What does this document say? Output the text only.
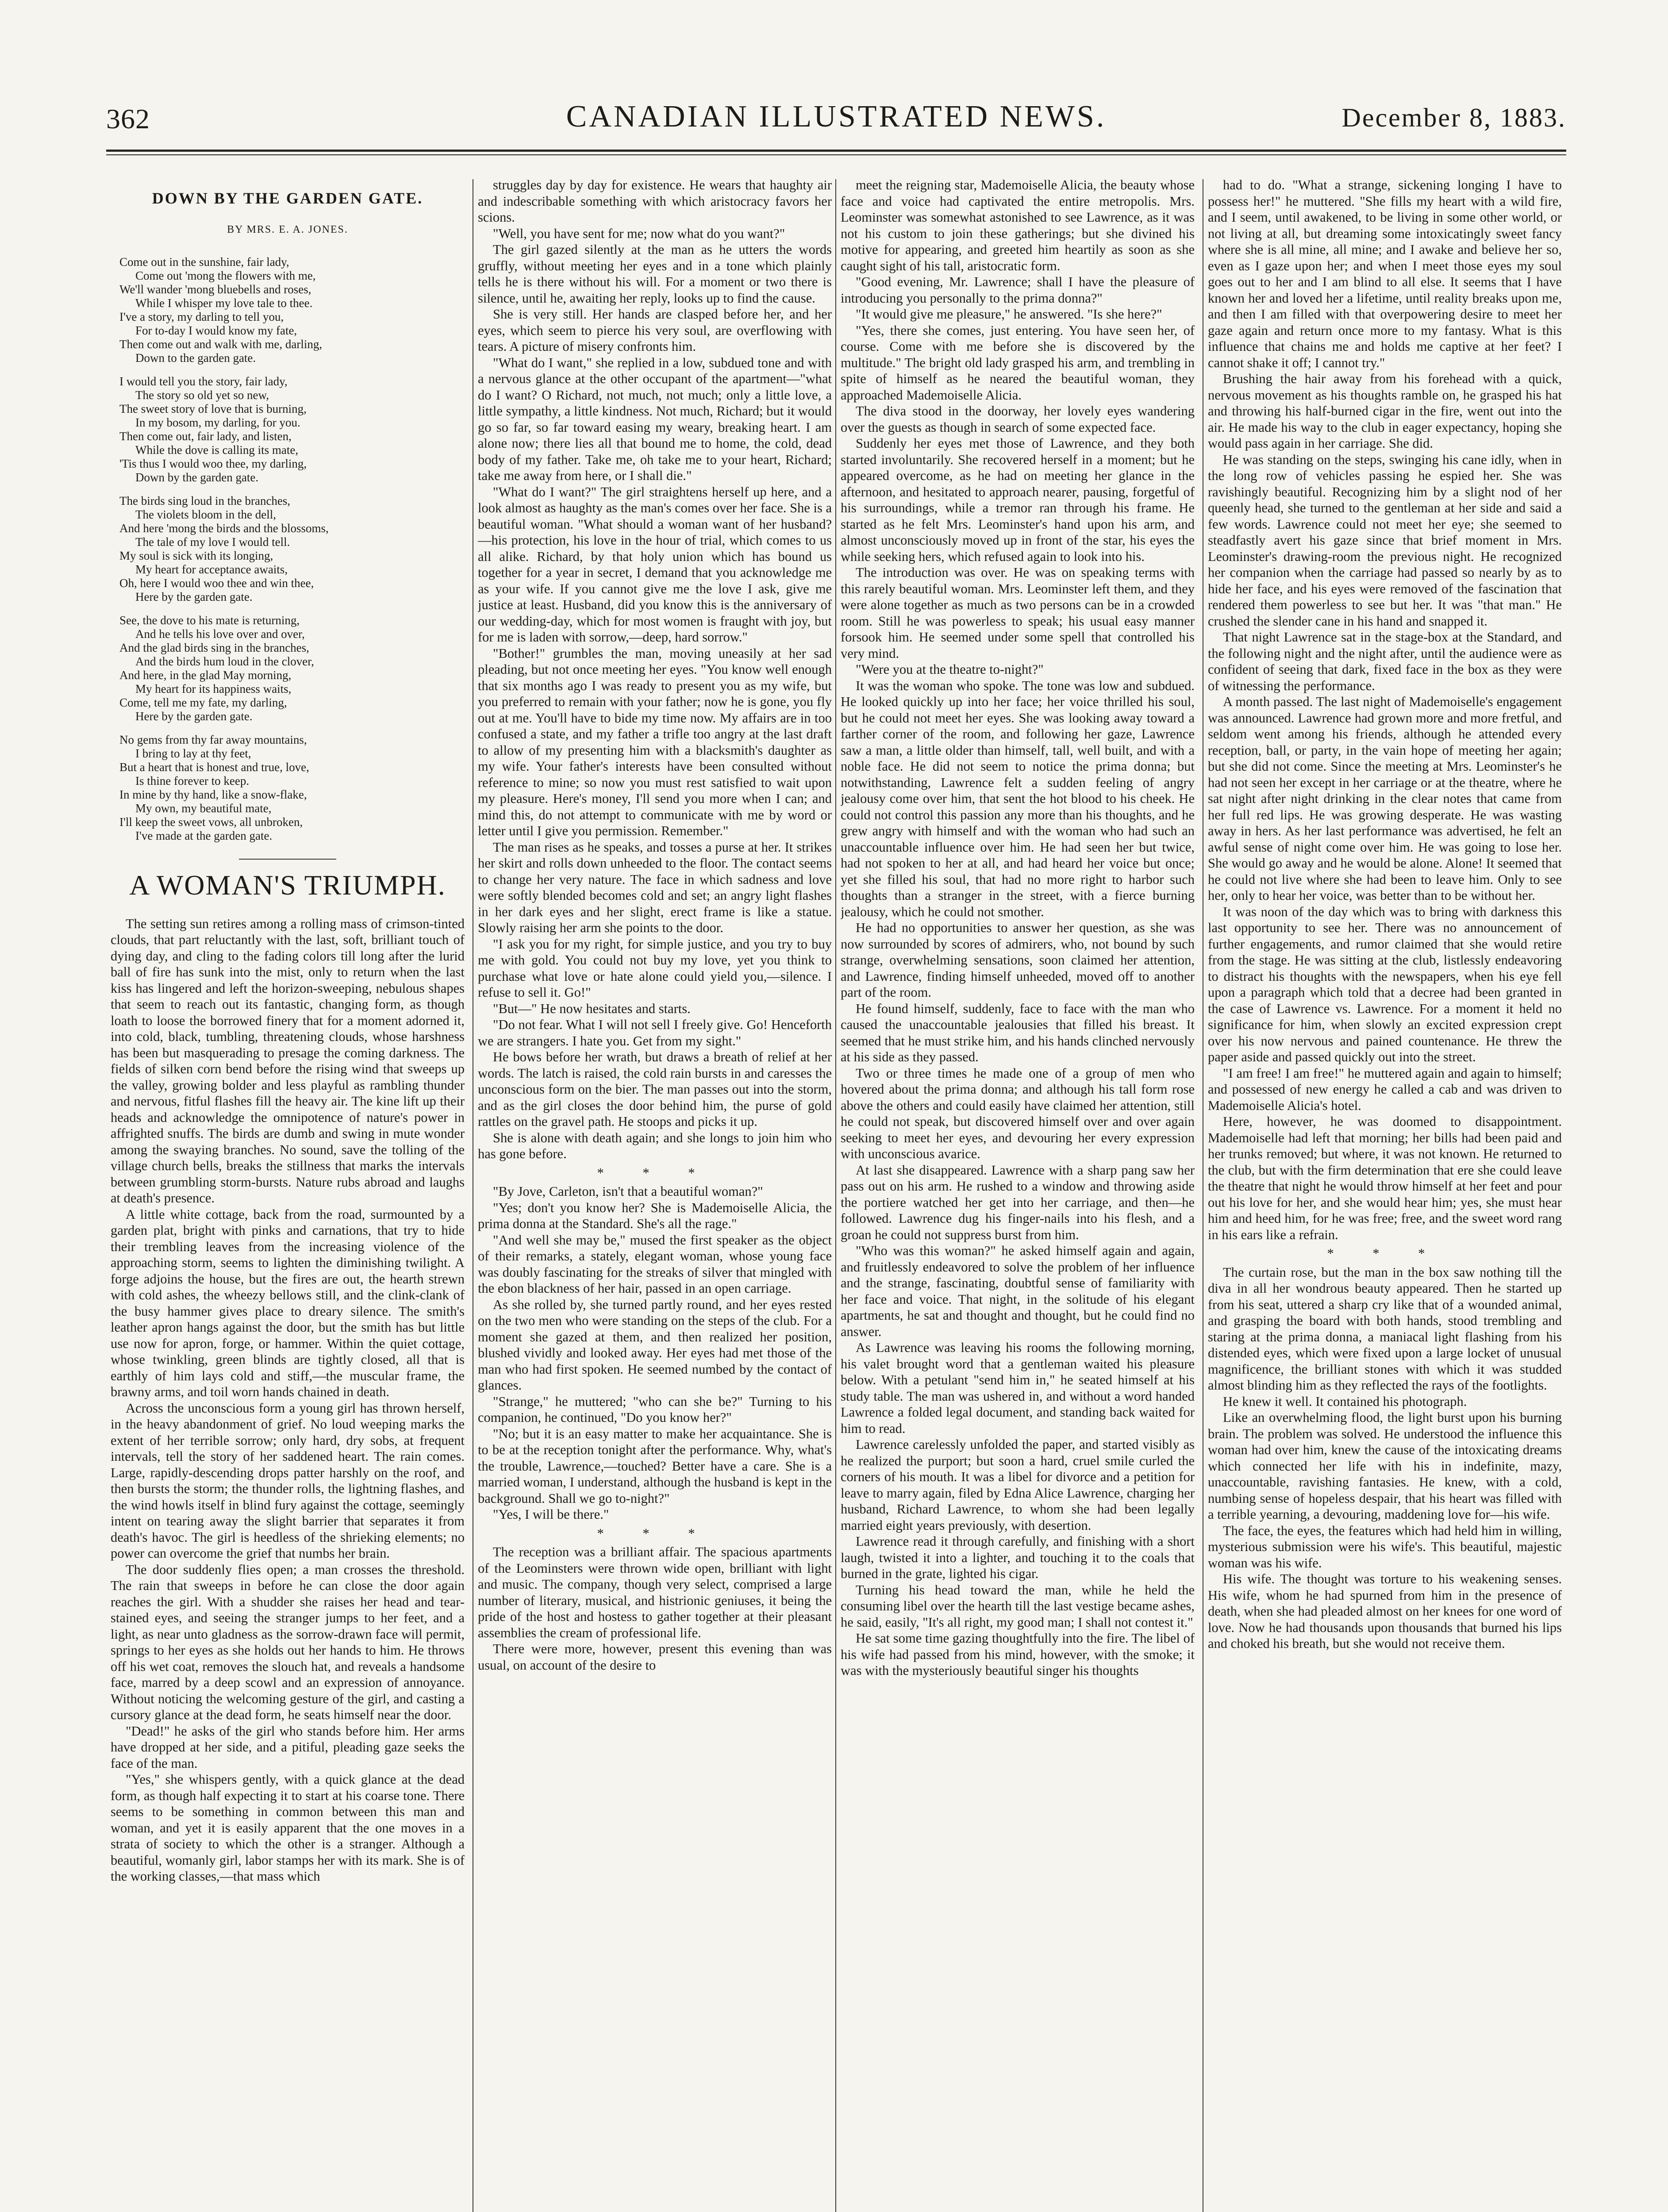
362	CANADIAN ILLUSTRATED NEWS.	December 8, 1883.
DOWN BY THE GARDEN GATE.
BY MRS. E. A. JONES.
Come out in the sunshine, fair lady,
Come out 'mong the flowers with me,
We'll wander 'mong bluebells and roses,
While I whisper my love tale to thee.
I've a story, my darling to tell you,
For to-day I would know my fate,
Then come out and walk with me, darling,
Down to the garden gate.
I would tell you the story, fair lady,
The story so old yet so new,
The sweet story of love that is burning,
In my bosom, my darling, for you.
Then come out, fair lady, and listen,
While the dove is calling its mate,
'Tis thus I would woo thee, my darling,
Down by the garden gate.
The birds sing loud in the branches,
The violets bloom in the dell,
And here 'mong the birds and the blossoms,
The tale of my love I would tell.
My soul is sick with its longing,
My heart for acceptance awaits,
Oh, here I would woo thee and win thee,
Here by the garden gate.
See, the dove to his mate is returning,
And he tells his love over and over,
And the glad birds sing in the branches,
And the birds hum loud in the clover,
And here, in the glad May morning,
My heart for its happiness waits,
Come, tell me my fate, my darling,
Here by the garden gate.
No gems from thy far away mountains,
I bring to lay at thy feet,
But a heart that is honest and true, love,
Is thine forever to keep.
In mine by thy hand, like a snow-flake,
My own, my beautiful mate,
I'll keep the sweet vows, all unbroken,
I've made at the garden gate.
A WOMAN'S TRIUMPH.

The setting sun retires among a rolling mass of crimson-tinted clouds, that part reluctantly with the last, soft, brilliant touch of dying day, and cling to the fading colors till long after the lurid ball of fire has sunk into the mist, only to return when the last kiss has lingered and left the horizon-sweeping, nebulous shapes that seem to reach out its fantastic, changing form, as though loath to loose the borrowed finery that for a moment adorned it, into cold, black, tumbling, threatening clouds, whose harshness has been but masquerading to presage the coming darkness. The fields of silken corn bend before the rising wind that sweeps up the valley, growing bolder and less playful as rambling thunder and nervous, fitful flashes fill the heavy air. The kine lift up their heads and acknowledge the omnipotence of nature's power in affrighted snuffs. The birds are dumb and swing in mute wonder among the swaying branches. No sound, save the tolling of the village church bells, breaks the stillness that marks the intervals between grumbling storm-bursts. Nature rubs abroad and laughs at death's presence.

A little white cottage, back from the road, surmounted by a garden plat, bright with pinks and carnations, that try to hide their trembling leaves from the increasing violence of the approaching storm, seems to lighten the diminishing twilight. A forge adjoins the house, but the fires are out, the hearth strewn with cold ashes, the wheezy bellows still, and the clink-clank of the busy hammer gives place to dreary silence. The smith's leather apron hangs against the door, but the smith has but little use now for apron, forge, or hammer. Within the quiet cottage, whose twinkling, green blinds are tightly closed, all that is earthly of him lays cold and stiff,—the muscular frame, the brawny arms, and toil worn hands chained in death.

Across the unconscious form a young girl has thrown herself, in the heavy abandonment of grief. No loud weeping marks the extent of her terrible sorrow; only hard, dry sobs, at frequent intervals, tell the story of her saddened heart. The rain comes. Large, rapidly-descending drops patter harshly on the roof, and then bursts the storm; the thunder rolls, the lightning flashes, and the wind howls itself in blind fury against the cottage, seemingly intent on tearing away the slight barrier that separates it from death's havoc. The girl is heedless of the shrieking elements; no power can overcome the grief that numbs her brain.

The door suddenly flies open; a man crosses the threshold. The rain that sweeps in before he can close the door again reaches the girl. With a shudder she raises her head and tear-stained eyes, and seeing the stranger jumps to her feet, and a light, as near unto gladness as the sorrow-drawn face will permit, springs to her eyes as she holds out her hands to him. He throws off his wet coat, removes the slouch hat, and reveals a handsome face, marred by a deep scowl and an expression of annoyance. Without noticing the welcoming gesture of the girl, and casting a cursory glance at the dead form, he seats himself near the door.

"Dead!" he asks of the girl who stands before him. Her arms have dropped at her side, and a pitiful, pleading gaze seeks the face of the man.

"Yes," she whispers gently, with a quick glance at the dead form, as though half expecting it to start at his coarse tone. There seems to be something in common between this man and woman, and yet it is easily apparent that the one moves in a strata of society to which the other is a stranger. Although a beautiful, womanly girl, labor stamps her with its mark. She is of the working classes,—that mass which

struggles day by day for existence. He wears that haughty air and indescribable something with which aristocracy favors her scions.

"Well, you have sent for me; now what do you want?"

The girl gazed silently at the man as he utters the words gruffly, without meeting her eyes and in a tone which plainly tells he is there without his will. For a moment or two there is silence, until he, awaiting her reply, looks up to find the cause.

She is very still. Her hands are clasped before her, and her eyes, which seem to pierce his very soul, are overflowing with tears. A picture of misery confronts him.

"What do I want," she replied in a low, subdued tone and with a nervous glance at the other occupant of the apartment—"what do I want? O Richard, not much, not much; only a little love, a little sympathy, a little kindness. Not much, Richard; but it would go so far, so far toward easing my weary, breaking heart. I am alone now; there lies all that bound me to home, the cold, dead body of my father. Take me, oh take me to your heart, Richard; take me away from here, or I shall die."

"What do I want?" The girl straightens herself up here, and a look almost as haughty as the man's comes over her face. She is a beautiful woman. "What should a woman want of her husband?—his protection, his love in the hour of trial, which comes to us all alike. Richard, by that holy union which has bound us together for a year in secret, I demand that you acknowledge me as your wife. If you cannot give me the love I ask, give me justice at least. Husband, did you know this is the anniversary of our wedding-day, which for most women is fraught with joy, but for me is laden with sorrow,—deep, hard sorrow."

"Bother!" grumbles the man, moving uneasily at her sad pleading, but not once meeting her eyes. "You know well enough that six months ago I was ready to present you as my wife, but you preferred to remain with your father; now he is gone, you fly out at me. You'll have to bide my time now. My affairs are in too confused a state, and my father a trifle too angry at the last draft to allow of my presenting him with a blacksmith's daughter as my wife. Your father's interests have been consulted without reference to mine; so now you must rest satisfied to wait upon my pleasure. Here's money, I'll send you more when I can; and mind this, do not attempt to communicate with me by word or letter until I give you permission. Remember."

The man rises as he speaks, and tosses a purse at her. It strikes her skirt and rolls down unheeded to the floor. The contact seems to change her very nature. The face in which sadness and love were softly blended becomes cold and set; an angry light flashes in her dark eyes and her slight, erect frame is like a statue. Slowly raising her arm she points to the door.

"I ask you for my right, for simple justice, and you try to buy me with gold. You could not buy my love, yet you think to purchase what love or hate alone could yield you,—silence. I refuse to sell it. Go!"

"But—" He now hesitates and starts.

"Do not fear. What I will not sell I freely give. Go! Henceforth we are strangers. I hate you. Get from my sight."

He bows before her wrath, but draws a breath of relief at her words. The latch is raised, the cold rain bursts in and caresses the unconscious form on the bier. The man passes out into the storm, and as the girl closes the door behind him, the purse of gold rattles on the gravel path. He stoops and picks it up.

She is alone with death again; and she longs to join him who has gone before.

* * *

"By Jove, Carleton, isn't that a beautiful woman?"

"Yes; don't you know her? She is Mademoiselle Alicia, the prima donna at the Standard. She's all the rage."

"And well she may be," mused the first speaker as the object of their remarks, a stately, elegant woman, whose young face was doubly fascinating for the streaks of silver that mingled with the ebon blackness of her hair, passed in an open carriage.

As she rolled by, she turned partly round, and her eyes rested on the two men who were standing on the steps of the club. For a moment she gazed at them, and then realized her position, blushed vividly and looked away. Her eyes had met those of the man who had first spoken. He seemed numbed by the contact of glances.

"Strange," he muttered; "who can she be?" Turning to his companion, he continued, "Do you know her?"

"No; but it is an easy matter to make her acquaintance. She is to be at the reception tonight after the performance. Why, what's the trouble, Lawrence,—touched? Better have a care. She is a married woman, I understand, although the husband is kept in the background. Shall we go to-night?"

"Yes, I will be there."

* * *

The reception was a brilliant affair. The spacious apartments of the Leominsters were thrown wide open, brilliant with light and music. The company, though very select, comprised a large number of literary, musical, and histrionic geniuses, it being the pride of the host and hostess to gather together at their pleasant assemblies the cream of professional life.

There were more, however, present this evening than was usual, on account of the desire to

meet the reigning star, Mademoiselle Alicia, the beauty whose face and voice had captivated the entire metropolis. Mrs. Leominster was somewhat astonished to see Lawrence, as it was not his custom to join these gatherings; but she divined his motive for appearing, and greeted him heartily as soon as she caught sight of his tall, aristocratic form.

"Good evening, Mr. Lawrence; shall I have the pleasure of introducing you personally to the prima donna?"

"It would give me pleasure," he answered. "Is she here?"

"Yes, there she comes, just entering. You have seen her, of course. Come with me before she is discovered by the multitude." The bright old lady grasped his arm, and trembling in spite of himself as he neared the beautiful woman, they approached Mademoiselle Alicia.

The diva stood in the doorway, her lovely eyes wandering over the guests as though in search of some expected face.

Suddenly her eyes met those of Lawrence, and they both started involuntarily. She recovered herself in a moment; but he appeared overcome, as he had on meeting her glance in the afternoon, and hesitated to approach nearer, pausing, forgetful of his surroundings, while a tremor ran through his frame. He started as he felt Mrs. Leominster's hand upon his arm, and almost unconsciously moved up in front of the star, his eyes the while seeking hers, which refused again to look into his.

The introduction was over. He was on speaking terms with this rarely beautiful woman. Mrs. Leominster left them, and they were alone together as much as two persons can be in a crowded room. Still he was powerless to speak; his usual easy manner forsook him. He seemed under some spell that controlled his very mind.

"Were you at the theatre to-night?"

It was the woman who spoke. The tone was low and subdued. He looked quickly up into her face; her voice thrilled his soul, but he could not meet her eyes. She was looking away toward a farther corner of the room, and following her gaze, Lawrence saw a man, a little older than himself, tall, well built, and with a noble face. He did not seem to notice the prima donna; but notwithstanding, Lawrence felt a sudden feeling of angry jealousy come over him, that sent the hot blood to his cheek. He could not control this passion any more than his thoughts, and he grew angry with himself and with the woman who had such an unaccountable influence over him. He had seen her but twice, had not spoken to her at all, and had heard her voice but once; yet she filled his soul, that had no more right to harbor such thoughts than a stranger in the street, with a fierce burning jealousy, which he could not smother.

He had no opportunities to answer her question, as she was now surrounded by scores of admirers, who, not bound by such strange, overwhelming sensations, soon claimed her attention, and Lawrence, finding himself unheeded, moved off to another part of the room.

He found himself, suddenly, face to face with the man who caused the unaccountable jealousies that filled his breast. It seemed that he must strike him, and his hands clinched nervously at his side as they passed.

Two or three times he made one of a group of men who hovered about the prima donna; and although his tall form rose above the others and could easily have claimed her attention, still he could not speak, but discovered himself over and over again seeking to meet her eyes, and devouring her every expression with unconscious avarice.

At last she disappeared. Lawrence with a sharp pang saw her pass out on his arm. He rushed to a window and throwing aside the portiere watched her get into her carriage, and then—he followed. Lawrence dug his finger-nails into his flesh, and a groan he could not suppress burst from him.

"Who was this woman?" he asked himself again and again, and fruitlessly endeavored to solve the problem of her influence and the strange, fascinating, doubtful sense of familiarity with her face and voice. That night, in the solitude of his elegant apartments, he sat and thought and thought, but he could find no answer.

As Lawrence was leaving his rooms the following morning, his valet brought word that a gentleman waited his pleasure below. With a petulant "send him in," he seated himself at his study table. The man was ushered in, and without a word handed Lawrence a folded legal document, and standing back waited for him to read.

Lawrence carelessly unfolded the paper, and started visibly as he realized the purport; but soon a hard, cruel smile curled the corners of his mouth. It was a libel for divorce and a petition for leave to marry again, filed by Edna Alice Lawrence, charging her husband, Richard Lawrence, to whom she had been legally married eight years previously, with desertion.

Lawrence read it through carefully, and finishing with a short laugh, twisted it into a lighter, and touching it to the coals that burned in the grate, lighted his cigar.

Turning his head toward the man, while he held the consuming libel over the hearth till the last vestige became ashes, he said, easily, "It's all right, my good man; I shall not contest it."

He sat some time gazing thoughtfully into the fire. The libel of his wife had passed from his mind, however, with the smoke; it was with the mysteriously beautiful singer his thoughts

had to do. "What a strange, sickening longing I have to possess her!" he muttered. "She fills my heart with a wild fire, and I seem, until awakened, to be living in some other world, or not living at all, but dreaming some intoxicatingly sweet fancy where she is all mine, all mine; and I awake and believe her so, even as I gaze upon her; and when I meet those eyes my soul goes out to her and I am blind to all else. It seems that I have known her and loved her a lifetime, until reality breaks upon me, and then I am filled with that overpowering desire to meet her gaze again and return once more to my fantasy. What is this influence that chains me and holds me captive at her feet? I cannot shake it off; I cannot try."

Brushing the hair away from his forehead with a quick, nervous movement as his thoughts ramble on, he grasped his hat and throwing his half-burned cigar in the fire, went out into the air. He made his way to the club in eager expectancy, hoping she would pass again in her carriage. She did.

He was standing on the steps, swinging his cane idly, when in the long row of vehicles passing he espied her. She was ravishingly beautiful. Recognizing him by a slight nod of her queenly head, she turned to the gentleman at her side and said a few words. Lawrence could not meet her eye; she seemed to steadfastly avert his gaze since that brief moment in Mrs. Leominster's drawing-room the previous night. He recognized her companion when the carriage had passed so nearly by as to hide her face, and his eyes were removed of the fascination that rendered them powerless to see but her. It was "that man." He crushed the slender cane in his hand and snapped it.

That night Lawrence sat in the stage-box at the Standard, and the following night and the night after, until the audience were as confident of seeing that dark, fixed face in the box as they were of witnessing the performance.

A month passed. The last night of Mademoiselle's engagement was announced. Lawrence had grown more and more fretful, and seldom went among his friends, although he attended every reception, ball, or party, in the vain hope of meeting her again; but she did not come. Since the meeting at Mrs. Leominster's he had not seen her except in her carriage or at the theatre, where he sat night after night drinking in the clear notes that came from her full red lips. He was growing desperate. He was wasting away in hers. As her last performance was advertised, he felt an awful sense of night come over him. He was going to lose her. She would go away and he would be alone. Alone! It seemed that he could not live where she had been to leave him. Only to see her, only to hear her voice, was better than to be without her.

It was noon of the day which was to bring with darkness this last opportunity to see her. There was no announcement of further engagements, and rumor claimed that she would retire from the stage. He was sitting at the club, listlessly endeavoring to distract his thoughts with the newspapers, when his eye fell upon a paragraph which told that a decree had been granted in the case of Lawrence vs. Lawrence. For a moment it held no significance for him, when slowly an excited expression crept over his now nervous and pained countenance. He threw the paper aside and passed quickly out into the street.

"I am free! I am free!" he muttered again and again to himself; and possessed of new energy he called a cab and was driven to Mademoiselle Alicia's hotel.

Here, however, he was doomed to disappointment. Mademoiselle had left that morning; her bills had been paid and her trunks removed; but where, it was not known. He returned to the club, but with the firm determination that ere she could leave the theatre that night he would throw himself at her feet and pour out his love for her, and she would hear him; yes, she must hear him and heed him, for he was free; free, and the sweet word rang in his ears like a refrain.

* * *

The curtain rose, but the man in the box saw nothing till the diva in all her wondrous beauty appeared. Then he started up from his seat, uttered a sharp cry like that of a wounded animal, and grasping the board with both hands, stood trembling and staring at the prima donna, a maniacal light flashing from his distended eyes, which were fixed upon a large locket of unusual magnificence, the brilliant stones with which it was studded almost blinding him as they reflected the rays of the footlights.

He knew it well. It contained his photograph.

Like an overwhelming flood, the light burst upon his burning brain. The problem was solved. He understood the influence this woman had over him, knew the cause of the intoxicating dreams which connected her life with his in indefinite, mazy, unaccountable, ravishing fantasies. He knew, with a cold, numbing sense of hopeless despair, that his heart was filled with a terrible yearning, a devouring, maddening love for—his wife.

The face, the eyes, the features which had held him in willing, mysterious submission were his wife's. This beautiful, majestic woman was his wife.

His wife. The thought was torture to his weakening senses. His wife, whom he had spurned from him in the presence of death, when she had pleaded almost on her knees for one word of love. Now he had thousands upon thousands that burned his lips and choked his breath, but she would not receive them.
